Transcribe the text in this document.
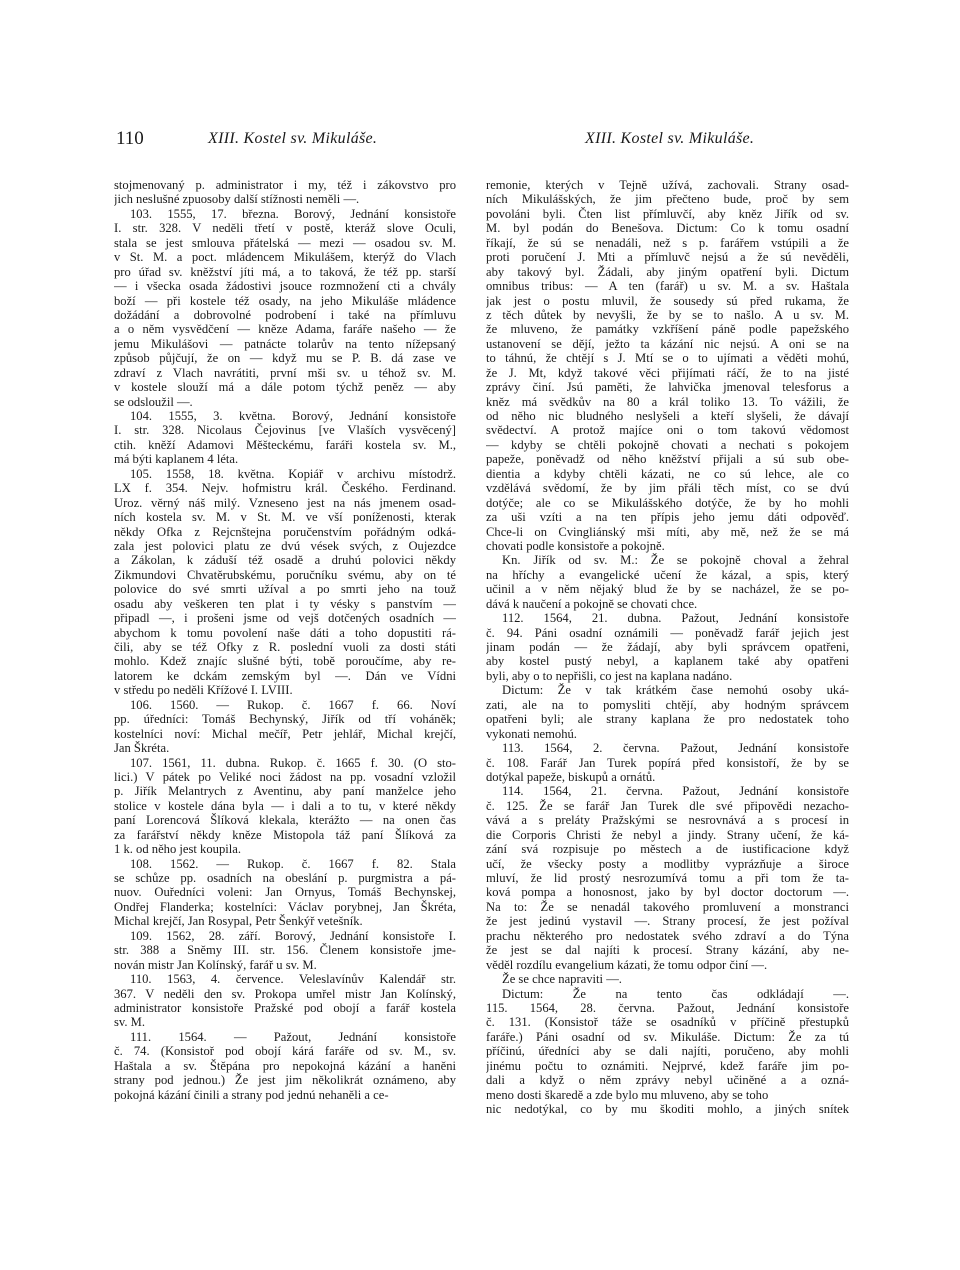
110	XIII. Kostel sv. Mikuláše.	XIII. Kostel sv. Mikuláše.
stojmenovaný p. administrator i my, též i zákovstvo pro
jich neslušné zpuosoby další stížnosti neměli —.
103. 1555, 17. března. Borový, Jednání konsistoře
I. str. 328. V neděli třetí v postě, kteráž slove Oculi,
stala se jest smlouva přátelská — mezi — osadou sv. M.
v St. M. a poct. mládencem Mikulášem, kterýž do Vlach
pro úřad sv. kněžství jíti má, a to taková, že též pp. starší
— i všecka osada žádostivi jsouce rozmnožení cti a chvály
boží — při kostele též osady, na jeho Mikuláše mládence
dožádání a dobrovolné podrobení i také na přímluvu
a o něm vysvědčení — kněze Adama, faráře našeho — že
jemu Mikulášovi — patnácte tolarův na tento nížepsaný
způsob půjčují, že on — když mu se P. B. dá zase ve
zdraví z Vlach navrátiti, první mši sv. u téhož sv. M.
v kostele slouží má a dále potom týchž peněz — aby
se odsloužil —.
104. 1555, 3. května. Borový, Jednání konsistoře
I. str. 328. Nicolaus Čejovinus [ve Vlaších vysvěcený]
ctih. kněží Adamovi Měšteckému, faráři kostela sv. M.,
má býti kaplanem 4 léta.
105. 1558, 18. května. Kopiář v archivu místodrž.
LX f. 354. Nejv. hofmistru král. Českého. Ferdinand.
Uroz. věrný náš milý. Vzneseno jest na nás jmenem osad-
ních kostela sv. M. v St. M. ve vší poníženosti, kterak
někdy Ofka z Rejcnštejna poručenstvím pořádným odká-
zala jest polovici platu ze dvú vések svých, z Oujezdce
a Zákolan, k záduší též osadě a druhú polovici někdy
Zikmundovi Chvatěrubskému, poručníku svému, aby on té
polovice do své smrti užíval a po smrti jeho na touž
osadu aby veškeren ten plat i ty vésky s panstvím —
připadl —, i prošeni jsme od vejš dotčených osadních —
abychom k tomu povolení naše dáti a toho dopustiti rá-
čili, aby se též Ofky z R. poslední vuoli za dosti státi
mohlo. Kdež znajíc slušné býti, tobě poroučíme, aby re-
latorem ke dckám zemským byl —. Dán ve Vídni
v středu po neděli Křížové I. LVIII.
106. 1560. — Rukop. č. 1667 f. 66. Noví
pp. úředníci: Tomáš Bechynský, Jiřík od tří voháněk;
kostelníci noví: Michal mečíř, Petr jehlář, Michal krejčí,
Jan Škréta.
107. 1561, 11. dubna. Rukop. č. 1665 f. 30. (O sto-
lici.) V pátek po Veliké noci žádost na pp. vosadní vzložil
p. Jiřík Melantrych z Aventinu, aby paní manželce jeho
stolice v kostele dána byla — i dali a to tu, v které někdy
paní Lorencová Šlíková klekala, kterážto — na onen čas
za farářství někdy kněze Mistopola táž paní Šlíková za
1 k. od něho jest koupila.
108. 1562. — Rukop. č. 1667 f. 82. Stala
se schůze pp. osadních na obeslání p. purgmistra a pá-
nuov. Ouředníci voleni: Jan Ornyus, Tomáš Bechynskej,
Ondřej Flanderka; kostelníci: Václav porybnej, Jan Škréta,
Michal krejčí, Jan Rosypal, Petr Šenkýř vetešník.
109. 1562, 28. září. Borový, Jednání konsistoře I.
str. 388 a Sněmy III. str. 156. Členem konsistoře jme-
nován mistr Jan Kolínský, farář u sv. M.
110. 1563, 4. července. Veleslavínův Kalendář str.
367. V neděli den sv. Prokopa umřel mistr Jan Kolínský,
administrator konsistoře Pražské pod obojí a farář kostela
sv. M.
111. 1564. — Pažout, Jednání konsistoře
č. 74. (Konsistoř pod obojí kárá faráře od sv. M., sv.
Haštala a sv. Štěpána pro nepokojná kázání a haněni
strany pod jednou.) Že jest jim několikrát oznámeno, aby
pokojná kázání činili a strany pod jednú nehaněli a ce-
remonie, kterých v Tejně užívá, zachovali. Strany osad-
ních Mikulášských, že jim přečteno bude, proč by sem
povoláni byli. Čten list přímluvčí, aby kněz Jiřík od sv.
M. byl podán do Benešova. Dictum: Co k tomu osadní
říkají, že sú se nenadáli, než s p. farářem vstúpili a že
proti poručení J. Mti a přímluvč nejsú a že sú nevěděli,
aby takový byl. Žádali, aby jiným opatření byli. Dictum
omnibus tribus: — A ten (farář) u sv. M. a sv. Haštala
jak jest o postu mluvil, že sousedy sú před rukama, že
z těch důtek by nevyšli, že by se to našlo. A u sv. M.
že mluveno, že památky vzkříšení páně podle papežského
ustanovení se dějí, ježto ta kázání nic nejsú. A oni se na
to táhnú, že chtějí s J. Mtí se o to ujímati a věděti mohú,
že J. Mt, když takové věci přijímati ráčí, že to na jisté
zprávy činí. Jsú paměti, že lahvička jmenoval telesforus a
kněz má svědkův na 80 a král toliko 13. To vážili, že
od něho nic bludného neslyšeli a kteří slyšeli, že dávají
svědectví. A protož majíce oni o tom takovú vědomost
— kdyby se chtěli pokojně chovati a nechati s pokojem
papeže, poněvadž od něho kněžství přijali a sú sub obe-
dientia a kdyby chtěli kázati, ne co sú lehce, ale co
vzdělává svědomí, že by jim přáli těch míst, co se dvú
dotýče; ale co se Mikulášského dotýče, že by ho mohli
za uši vzíti a na ten přípis jeho jemu dáti odpověď.
Chce-li on Cvingliánský mši míti, aby mě, než že se má
chovati podle konsistoře a pokojně.
Kn. Jiřík od sv. M.: Že se pokojně choval a žehral
na hříchy a evangelické učení že kázal, a spis, který
učinil a v něm nějaký blud že by se nacházel, že se po-
dává k naučení a pokojně se chovati chce.
112. 1564, 21. dubna. Pažout, Jednání konsistoře
č. 94. Páni osadní oznámili — poněvadž farář jejich jest
jinam podán — že žádají, aby byli správcem opatřeni,
aby kostel pustý nebyl, a kaplanem také aby opatřeni
byli, aby o to nepřišli, co jest na kaplana nadáno.
Dictum: Že v tak krátkém čase nemohú osoby uká-
zati, ale na to pomysliti chtějí, aby hodným správcem
opatřeni byli; ale strany kaplana že pro nedostatek toho
vykonati nemohú.
113. 1564, 2. června. Pažout, Jednání konsistoře
č. 108. Farář Jan Turek popírá před konsistoří, že by se
dotýkal papeže, biskupů a ornátů.
114. 1564, 21. června. Pažout, Jednání konsistoře
č. 125. Že se farář Jan Turek dle své připovědi nezacho-
vává a s preláty Pražskými se nesrovnává a s procesí in
die Corporis Christi že nebyl a jindy. Strany učení, že ká-
zání svá rozpisuje po městech a de iustificacione když
učí, že všecky posty a modlitby vyprázňuje a široce
mluví, že lid prostý nesrozumívá tomu a při tom že ta-
ková pompa a honosnost, jako by byl doctor doctorum —.
Na to: Že se nenadál takového promluvení a monstranci
že jest jedinú vystavil —. Strany procesí, že jest požíval
prachu některého pro nedostatek svého zdraví a do Týna
že jest se dal najíti k procesí. Strany kázání, aby ne-
věděl rozdílu evangelium kázati, že tomu odpor činí —.
Že se chce napraviti —.
Dictum: Že na tento čas odkládají —.
115. 1564, 28. června. Pažout, Jednání konsistoře
č. 131. (Konsistoř táže se osadníků v příčině přestupků
faráře.) Páni osadní od sv. Mikuláše. Dictum: Že za tú
příčinú, úředníci aby se dali najíti, poručeno, aby mohli
jinému počtu to oznámiti. Nejprvé, kdež faráře jim po-
dali a když o něm zprávy nebyl učiněné a a ozná-
meno dosti škaredě a zde bylo mu mluveno, aby se toho
nic nedotýkal, co by mu škoditi mohlo, a jiných snítek
